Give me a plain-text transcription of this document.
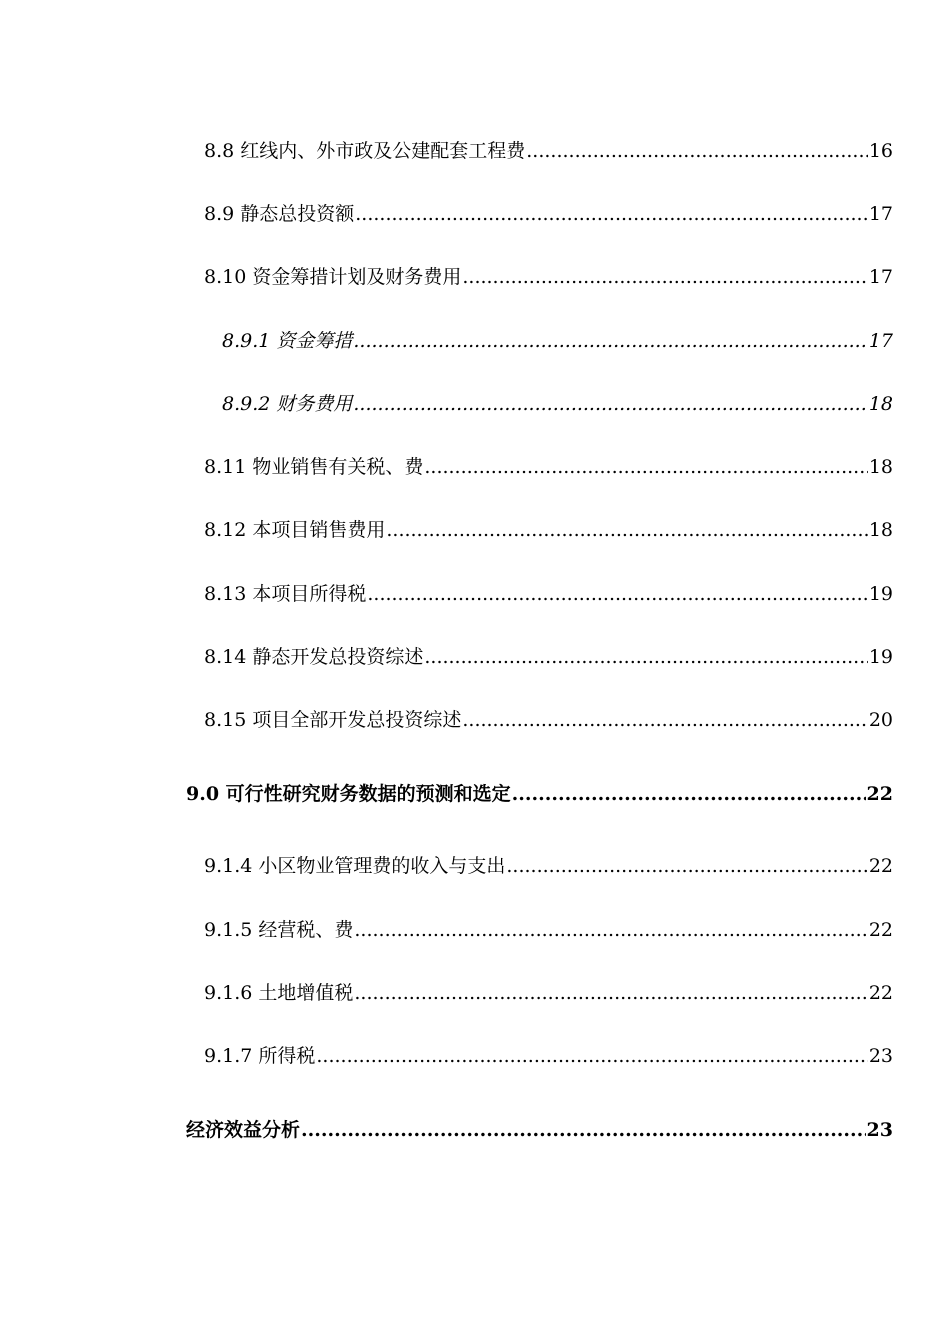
8.8 红线内、外市政及公建配套工程费 .....	16
8.9 静态总投资额 .....	17
8.10 资金筹措计划及财务费用 .....	17
8.9.1 资金筹措 .....	17
8.9.2 财务费用 .....	18
8.11 物业销售有关税、费 .....	18
8.12 本项目销售费用 .....	18
8.13 本项目所得税 .....	19
8.14 静态开发总投资综述 .....	19
8.15 项目全部开发总投资综述 .....	20
9.0 可行性研究财务数据的预测和选定 .....	22
9.1.4 小区物业管理费的收入与支出 .....	22
9.1.5 经营税、费 .....	22
9.1.6 土地增值税 .....	22
9.1.7 所得税 .....	23
经济效益分析 .....	23
